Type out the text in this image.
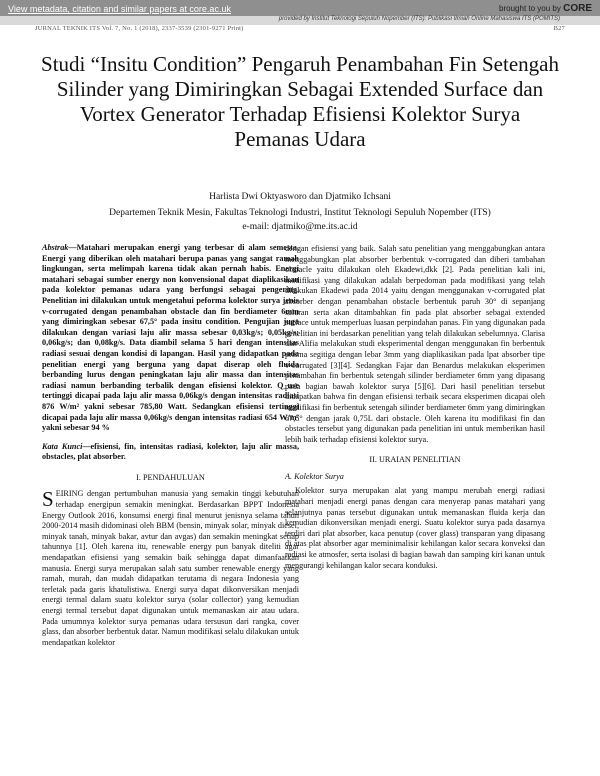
View metadata, citation and similar papers at core.ac.uk	brought to you by CORE
provided by Institut Teknologi Sepuluh Nopember (ITS): Publikasi Ilmiah Online Mahasiswa ITS (POMITS)
JURNAL TEKNIK ITS Vol. 7, No. 1 (2018), 2337-3539 (2301-9271 Print)	B27
Studi “Insitu Condition” Pengaruh Penambahan Fin Setengah Silinder yang Dimiringkan Sebagai Extended Surface dan Vortex Generator Terhadap Efisiensi Kolektor Surya Pemanas Udara
Harlista Dwi Oktyasworo dan Djatmiko Ichsani
Departemen Teknik Mesin, Fakultas Teknologi Industri, Institut Teknologi Sepuluh Nopember (ITS)
e-mail: djatmiko@me.its.ac.id

Abstrak—Matahari merupakan energi yang terbesar di alam semesta. Energi yang diberikan oleh matahari berupa panas yang sangat ramah lingkungan, serta melimpah karena tidak akan pernah habis. Energi matahari sebagai sumber energy non konvensional dapat diaplikasikan pada kolektor pemanas udara yang berfungsi sebagai pengering. Penelitian ini dilakukan untuk mengetahui peforma kolektor surya jenis v-corrugated dengan penambahan obstacle dan fin berdiameter 6mm yang dimiringkan sebesar 67,5° pada insitu condition. Pengujian juga dilakukan dengan variasi laju alir massa sebesar 0,03kg/s; 0,05kg/s; 0,06kg/s; dan 0,08kg/s. Data diambil selama 5 hari dengan intensitas radiasi sesuai dengan kondisi di lapangan. Hasil yang didapatkan pada penelitian energi yang berguna yang dapat diserap oleh fluida berbanding lurus dengan peningkatan laju alir massa dan intensitas radiasi namun berbanding terbalik dengan efisiensi kolektor. Q_use tertinggi dicapai pada laju alir massa 0,06kg/s dengan intensitas radiasi 876 W/m² yakni sebesar 785,80 Watt. Sedangkan efisiensi tertinggi dicapai pada laju alir massa 0,06kg/s dengan intensitas radiasi 654 W/m² yakni sebesar 94 %

Kata Kunci—efisiensi, fin, intensitas radiasi, kolektor, laju alir massa, obstacles, plat absorber.

I. PENDAHULUAN

SEIRING dengan pertumbuhan manusia yang semakin tinggi kebutuhan terhadap energipun semakin meningkat. Berdasarkan BPPT Indonesia Energy Outlook 2016, konsumsi energi final menurut jenisnya selama tahun 2000-2014 masih didominasi oleh BBM (bensin, minyak solar, minyak diesel, minyak tanah, minyak bakar, avtur dan avgas) dan semakin meningkat setiap tahunnya [1]. Oleh karena itu, renewable energy pun banyak diteliti agar mendapatkan efisiensi yang semakin baik sehingga dapat dimanfaatkan manusia. Energi surya merupakan salah satu sumber renewable energy yang ramah, murah, dan mudah didapatkan terutama di negara Indonesia yang terletak pada garis khatulistiwa. Energi surya dapat dikonversikan menjadi energi termal dalam suatu kolektor surya (solar collector) yang kemudian energi termal tersebut dapat digunakan untuk memanaskan air atau udara. Pada umumnya kolektor surya pemanas udara tersusun dari rangka, cover glass, dan absorber berbentuk datar. Namun modifikasi selalu dilakukan untuk mendapatkan kolektor

dengan efisiensi yang baik. Salah satu penelitian yang menggabungkan antara menggabungkan plat absorber berbentuk v-corrugated dan diberi tambahan obstacle yaitu dilakukan oleh Ekadewi,dkk [2]. Pada penelitian kali ini, modifikasi yang dilakukan adalah berpedoman pada modifikasi yang telah dilakukan Ekadewi pada 2014 yaitu dengan menggunakan v-corrugated plat absorber dengan penambahan obstacle berbentuk paruh 30° di sepanjang saluran serta akan ditambahkan fin pada plat absorber sebagai extended surface untuk memperluas luasan perpindahan panas. Fin yang digunakan pada penelitian ini berdasarkan penelitian yang telah dilakukan sebelumnya. Clarisa dan Alifia melakukan studi eksperimental dengan menggunakan fin berbentuk prisma segitiga dengan lebar 3mm yang diaplikasikan pada lpat absorber tipe v-corrugated [3][4]. Sedangkan Fajar dan Benardus melakukan eksperimen penambahan fin berbentuk setengah silinder berdiameter 6mm yang dipasang pada bagian bawah kolektor surya [5][6]. Dari hasil penelitian tersebut didapatkan bahwa fin dengan efisiensi terbaik secara eksperimen dicapai oleh modifikasi fin berbentuk setengah silinder berdiameter 6mm yang dimiringkan 67,5° dengan jarak 0,75L dari obstacle. Oleh karena itu modifikasi fin dan obstacles tersebut yang digunakan pada penelitian ini untuk memberikan hasil lebih baik terhadap efisiensi kolektor surya.

II. URAIAN PENELITIAN
A. Kolektor Surya

Kolektor surya merupakan alat yang mampu merubah energi radiasi matahari menjadi energi panas dengan cara menyerap panas matahari yang selanjutnya panas tersebut digunakan untuk memanaskan fluida kerja dan kemudian dikonversikan menjadi energi. Suatu kolektor surya pada dasarnya terdiri dari plat absorber, kaca penutup (cover glass) transparan yang dipasang di atas plat absorber agar meminimalisir kehilangan kalor secara konveksi dan radiasi ke atmosfer, serta isolasi di bagian bawah dan samping kiri kanan untuk mengurangi kehilangan kalor secara konduksi.
